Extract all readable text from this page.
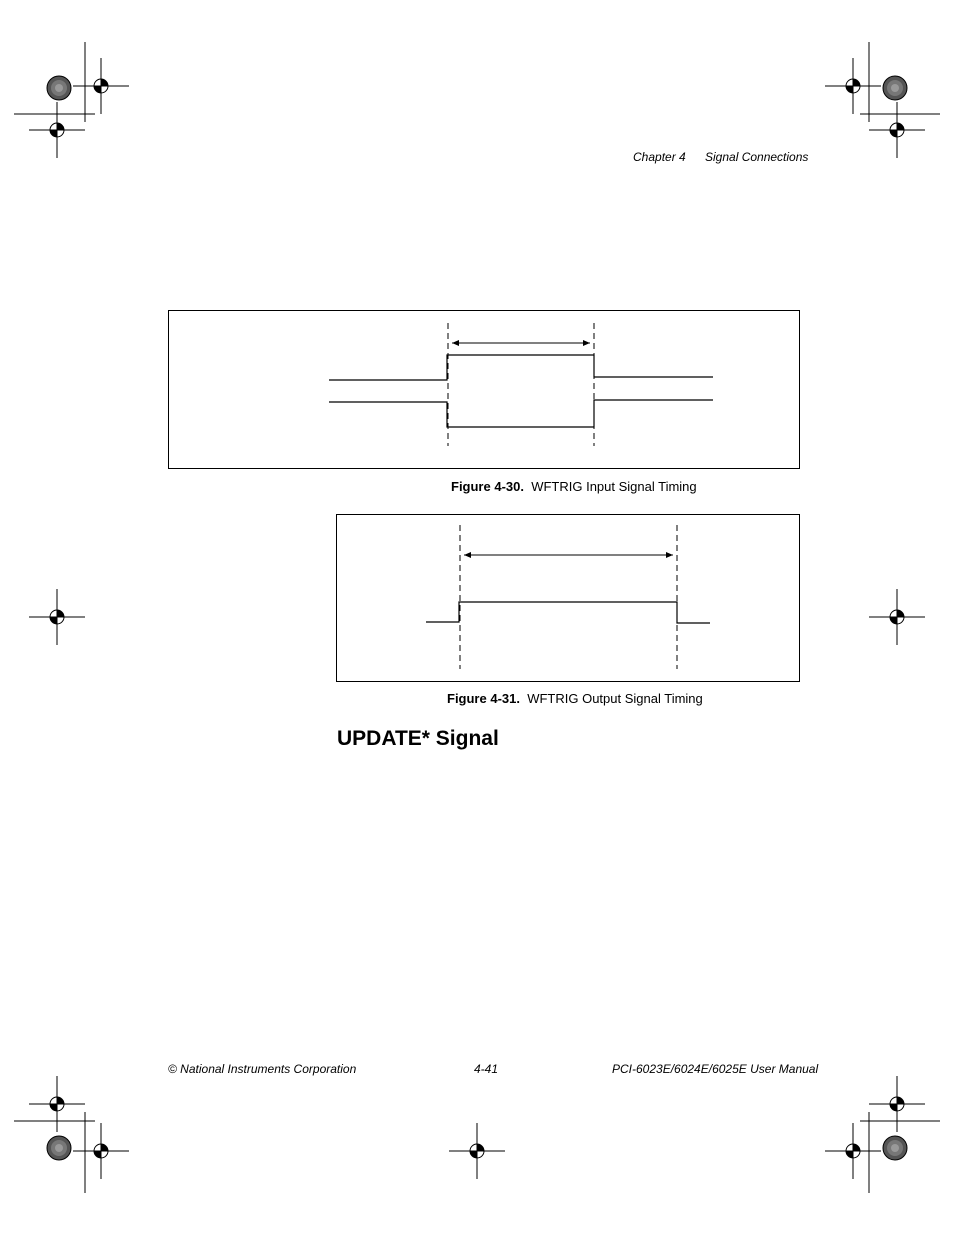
Chapter 4 Signal Connections
Figure 4-30. WFTRIG Input Signal Timing
Figure 4-31. WFTRIG Output Signal Timing
UPDATE* Signal
© National Instruments Corporation	4-41	PCI-6023E/6024E/6025E User Manual
